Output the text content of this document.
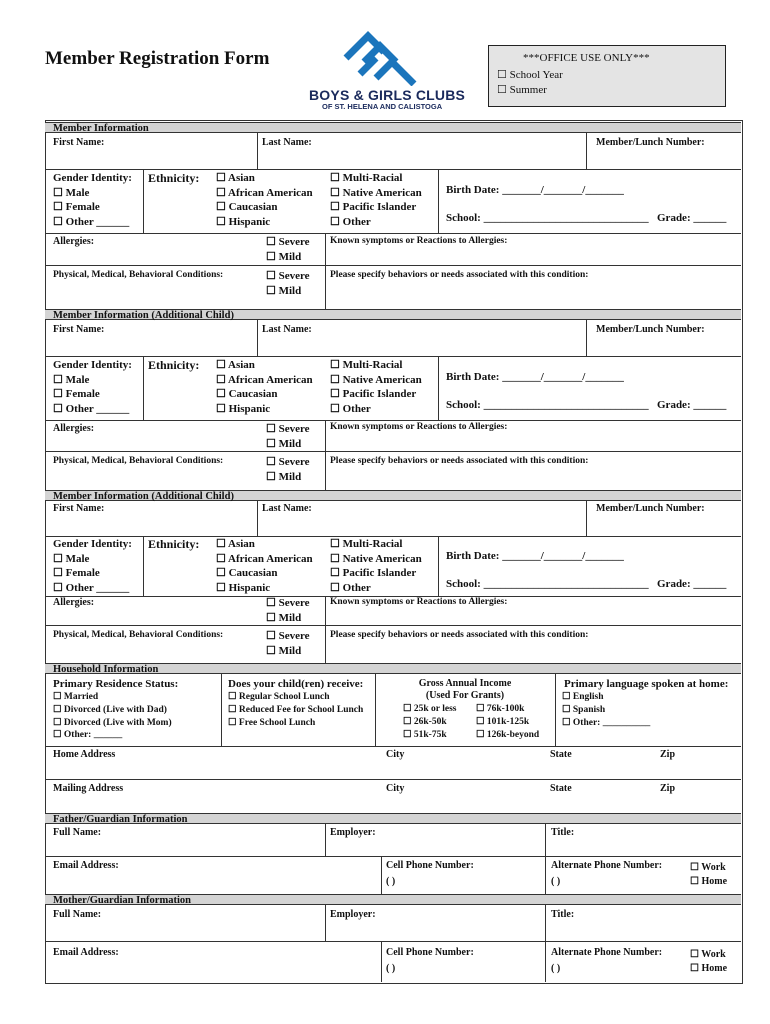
Member Registration Form
BOYS & GIRLS CLUBS
OF ST. HELENA AND CALISTOGA
***OFFICE USE ONLY***
☐ School Year
☐ Summer
Member Information
First Name:	Last Name:	Member/Lunch Number:
Gender Identity:
☐ Male
☐ Female
☐ Other ______
Ethnicity: ☐ Asian
☐ African American
☐ Caucasian
☐ Hispanic
☐ Multi-Racial
☐ Native American
☐ Pacific Islander
☐ Other
Birth Date: _______/_______/_______
School: ______________________________ Grade: ______
Allergies:	☐ Severe
☐ Mild
Known symptoms or Reactions to Allergies:
Physical, Medical, Behavioral Conditions:	☐ Severe
☐ Mild
Please specify behaviors or needs associated with this condition:
Member Information (Additional Child)
First Name:	Last Name:	Member/Lunch Number:
Gender Identity:
☐ Male
☐ Female
☐ Other ______
Ethnicity: ☐ Asian
☐ African American
☐ Caucasian
☐ Hispanic
☐ Multi-Racial
☐ Native American
☐ Pacific Islander
☐ Other
Birth Date: _______/_______/_______
School: ______________________________ Grade: ______
Allergies:	☐ Severe
☐ Mild
Known symptoms or Reactions to Allergies:
Physical, Medical, Behavioral Conditions:	☐ Severe
☐ Mild
Please specify behaviors or needs associated with this condition:
Member Information (Additional Child)
First Name:	Last Name:	Member/Lunch Number:
Gender Identity:
☐ Male
☐ Female
☐ Other ______
Ethnicity: ☐ Asian
☐ African American
☐ Caucasian
☐ Hispanic
☐ Multi-Racial
☐ Native American
☐ Pacific Islander
☐ Other
Birth Date: _______/_______/_______
School: ______________________________ Grade: ______
Allergies:	☐ Severe
☐ Mild
Known symptoms or Reactions to Allergies:
Physical, Medical, Behavioral Conditions:	☐ Severe
☐ Mild
Please specify behaviors or needs associated with this condition:
Household Information
Primary Residence Status:
☐ Married
☐ Divorced (Live with Dad)
☐ Divorced (Live with Mom)
☐ Other: ______
Does your child(ren) receive:
☐ Regular School Lunch
☐ Reduced Fee for School Lunch
☐ Free School Lunch
Gross Annual Income
(Used For Grants)
☐ 25k or less
☐ 26k-50k
☐ 51k-75k
☐ 76k-100k
☐ 101k-125k
☐ 126k-beyond
Primary language spoken at home:
☐ English
☐ Spanish
☐ Other: __________
Home Address	City	State	Zip
Mailing Address	City	State	Zip
Father/Guardian Information
Full Name:	Employer:	Title:
Email Address:	Cell Phone Number:
( )
Alternate Phone Number:
( )
☐ Work
☐ Home
Mother/Guardian Information
Full Name:	Employer:	Title:
Email Address:	Cell Phone Number:
( )
Alternate Phone Number:
( )
☐ Work
☐ Home
